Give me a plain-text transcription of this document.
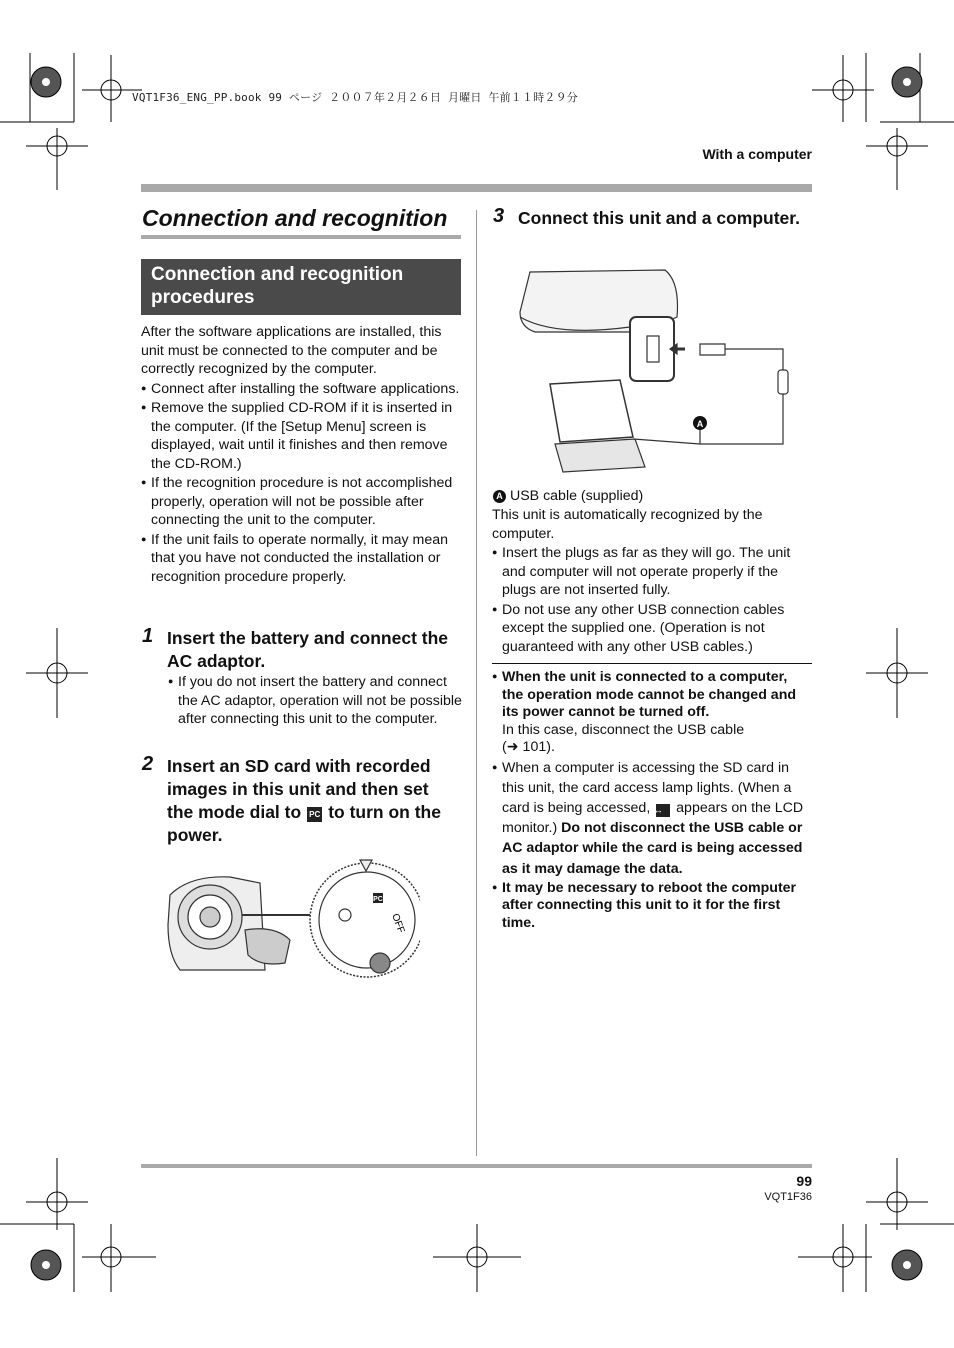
VQT1F36_ENG_PP.book 99 ページ ２００７年２月２６日 月曜日 午前１１時２９分
With a computer
Connection and recognition
Connection and recognition procedures
After the software applications are installed, this unit must be connected to the computer and be correctly recognized by the computer.
● Connect after installing the software applications.
● Remove the supplied CD-ROM if it is inserted in the computer. (If the [Setup Menu] screen is displayed, wait until it finishes and then remove the CD-ROM.)
● If the recognition procedure is not accomplished properly, operation will not be possible after connecting the unit to the computer.
● If the unit fails to operate normally, it may mean that you have not conducted the installation or recognition procedure properly.
1 Insert the battery and connect the AC adaptor.
● If you do not insert the battery and connect the AC adaptor, operation will not be possible after connecting this unit to the computer.
2 Insert an SD card with recorded images in this unit and then set the mode dial to PC to turn on the power.
PC
OFF
3 Connect this unit and a computer.
A
A USB cable (supplied)
This unit is automatically recognized by the computer.
● Insert the plugs as far as they will go. The unit and computer will not operate properly if the plugs are not inserted fully.
● Do not use any other USB connection cables except the supplied one. (Operation is not guaranteed with any other USB cables.)
● When the unit is connected to a computer, the operation mode cannot be changed and its power cannot be turned off.
In this case, disconnect the USB cable
(➜ 101).
● When a computer is accessing the SD card in this unit, the card access lamp lights. (When a card is being accessed, ↔ appears on the LCD monitor.) Do not disconnect the USB cable or AC adaptor while the card is being accessed as it may damage the data.
● It may be necessary to reboot the computer after connecting this unit to it for the first time.
99
VQT1F36
